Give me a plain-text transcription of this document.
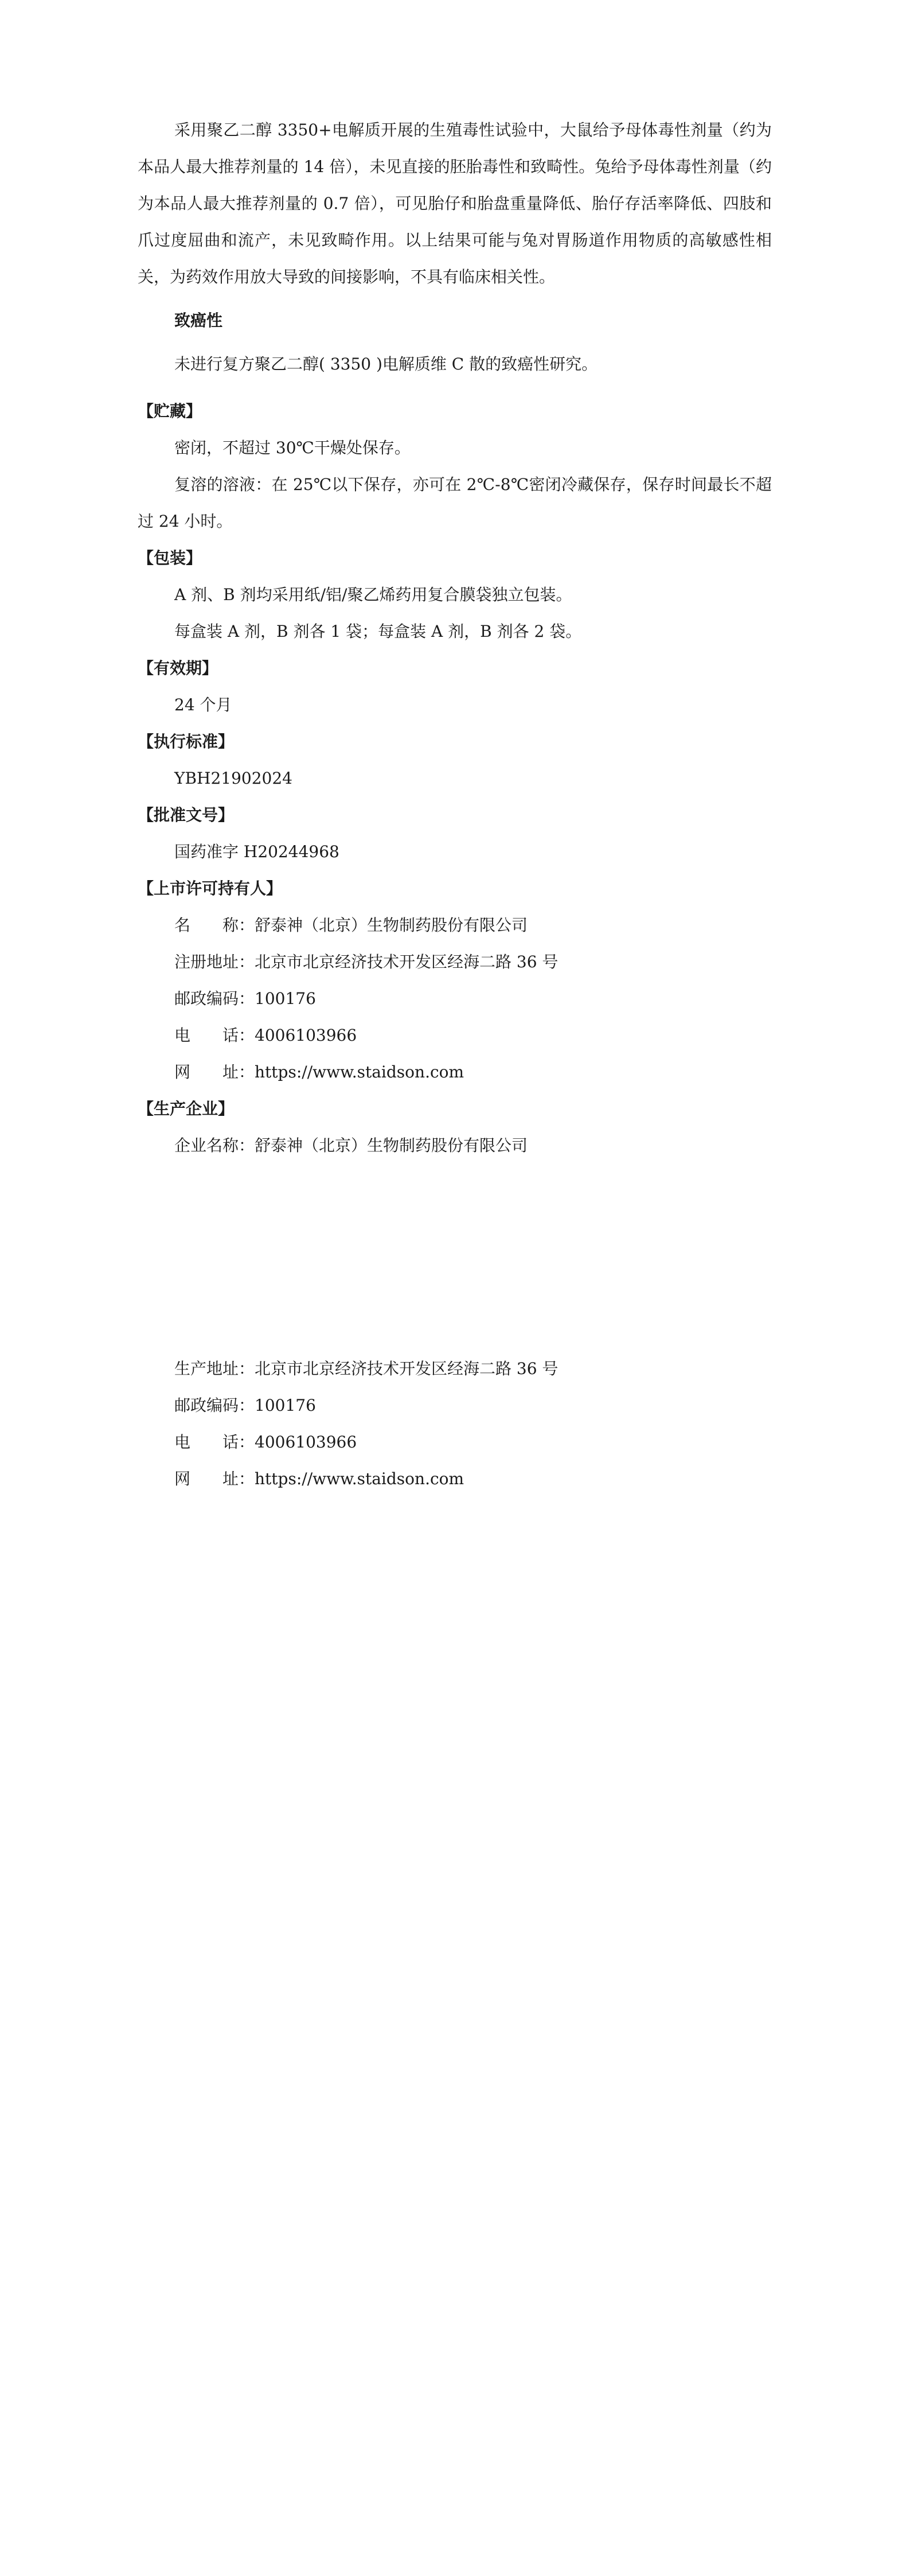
采用聚乙二醇 3350+电解质开展的生殖毒性试验中，大鼠给予母体毒性剂量（约为本品人最大推荐剂量的 14 倍），未见直接的胚胎毒性和致畸性。兔给予母体毒性剂量（约为本品人最大推荐剂量的 0.7 倍），可见胎仔和胎盘重量降低、胎仔存活率降低、四肢和爪过度屈曲和流产，未见致畸作用。以上结果可能与兔对胃肠道作用物质的高敏感性相关，为药效作用放大导致的间接影响，不具有临床相关性。

致癌性

未进行复方聚乙二醇( 3350 )电解质维 C 散的致癌性研究。

【贮藏】

密闭，不超过 30℃干燥处保存。

复溶的溶液：在 25℃以下保存，亦可在 2℃-8℃密闭冷藏保存，保存时间最长不超过 24 小时。

【包装】

A 剂、B 剂均采用纸/铝/聚乙烯药用复合膜袋独立包装。

每盒装 A 剂，B 剂各 1 袋；每盒装 A 剂，B 剂各 2 袋。

【有效期】

24 个月

【执行标准】

YBH21902024

【批准文号】

国药准字 H20244968

【上市许可持有人】

名　　称：舒泰神（北京）生物制药股份有限公司

注册地址：北京市北京经济技术开发区经海二路 36 号

邮政编码：100176

电　　话：4006103966

网　　址：https://www.staidson.com

【生产企业】

企业名称：舒泰神（北京）生物制药股份有限公司

生产地址：北京市北京经济技术开发区经海二路 36 号

邮政编码：100176

电　　话：4006103966

网　　址：https://www.staidson.com
